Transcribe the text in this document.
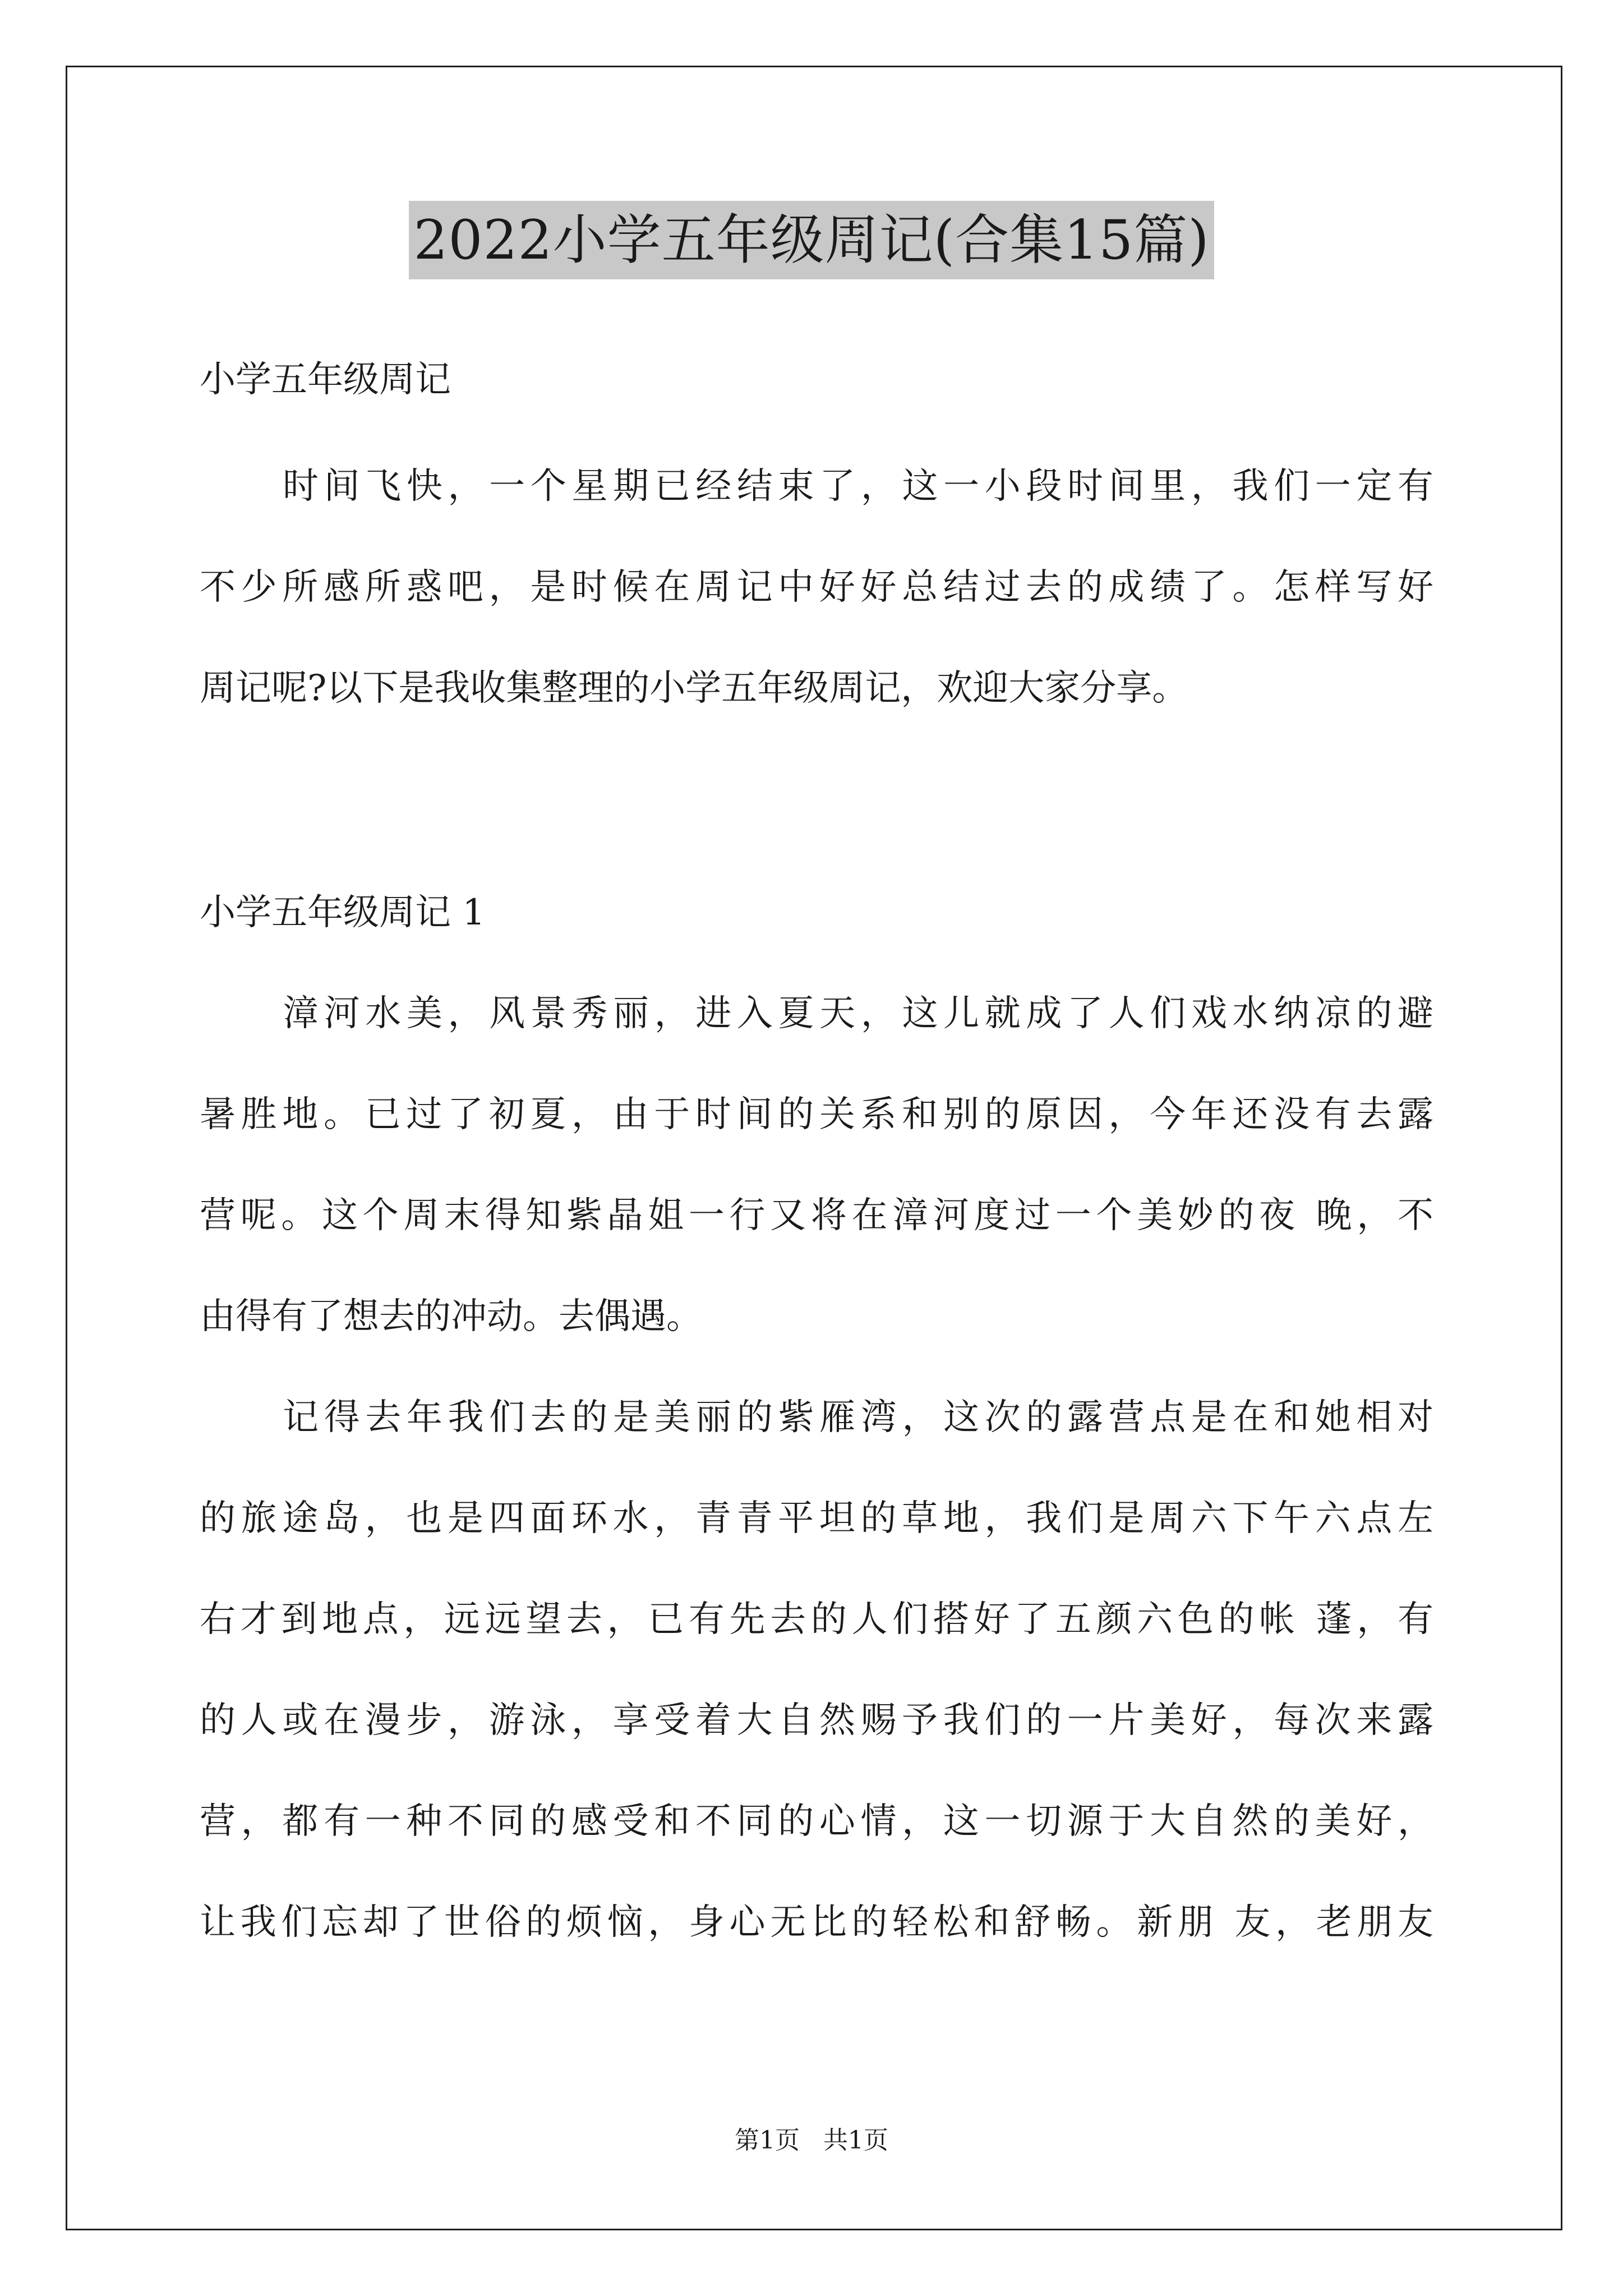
2022小学五年级周记(合集15篇)
小学五年级周记
时间飞快，一个星期已经结束了，这一小段时间里，我们一定有
不少所感所惑吧，是时候在周记中好好总结过去的成绩了。怎样写好
周记呢?以下是我收集整理的小学五年级周记，欢迎大家分享。
小学五年级周记 1
漳河水美，风景秀丽，进入夏天，这儿就成了人们戏水纳凉的避
暑胜地。已过了初夏，由于时间的关系和别的原因，今年还没有去露
营呢。这个周末得知紫晶姐一行又将在漳河度过一个美妙的夜 晚，不
由得有了想去的冲动。去偶遇。
记得去年我们去的是美丽的紫雁湾，这次的露营点是在和她相对
的旅途岛，也是四面环水，青青平坦的草地，我们是周六下午六点左
右才到地点，远远望去，已有先去的人们搭好了五颜六色的帐 蓬，有
的人或在漫步，游泳，享受着大自然赐予我们的一片美好，每次来露
营，都有一种不同的感受和不同的心情，这一切源于大自然的美好，
让我们忘却了世俗的烦恼，身心无比的轻松和舒畅。新朋 友，老朋友
第1页   共1页
